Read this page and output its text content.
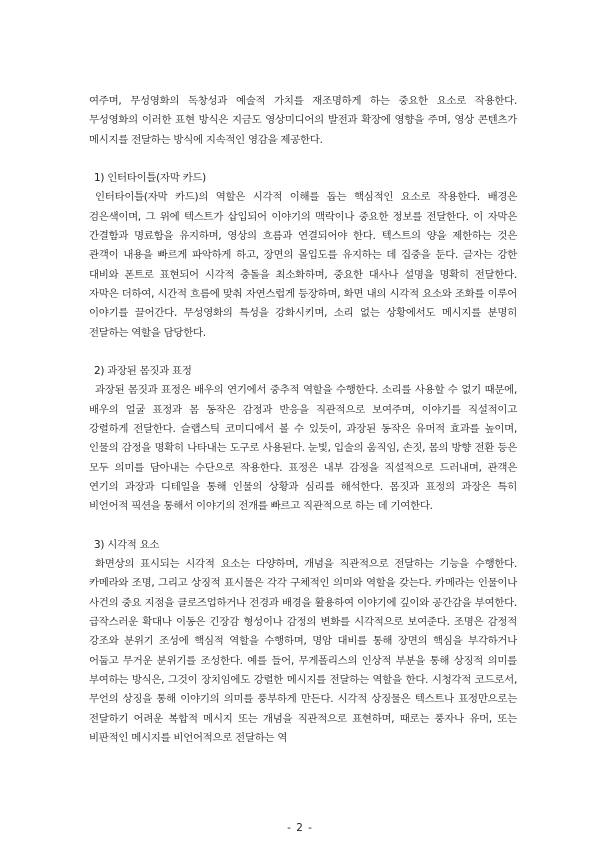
여주며, 무성영화의 독창성과 예술적 가치를 재조명하게 하는 중요한 요소로 작용한다. 무성영화의 이러한 표현 방식은 지금도 영상미디어의 발전과 확장에 영향을 주며, 영상 콘텐츠가 메시지를 전달하는 방식에 지속적인 영감을 제공한다.

1) 인터타이틀(자막 카드)

인터타이틀(자막 카드)의 역할은 시각적 이해를 돕는 핵심적인 요소로 작용한다. 배경은 검은색이며, 그 위에 텍스트가 삽입되어 이야기의 맥락이나 중요한 정보를 전달한다. 이 자막은 간결함과 명료함을 유지하며, 영상의 흐름과 연결되어야 한다. 텍스트의 양을 제한하는 것은 관객이 내용을 빠르게 파악하게 하고, 장면의 몰입도를 유지하는 데 집중을 둔다. 글자는 강한 대비와 폰트로 표현되어 시각적 충돌을 최소화하며, 중요한 대사나 설명을 명확히 전달한다. 자막은 더하여, 시간적 흐름에 맞춰 자연스럽게 등장하며, 화면 내의 시각적 요소와 조화를 이루어 이야기를 끌어간다. 무성영화의 특성을 강화시키며, 소리 없는 상황에서도 메시지를 분명히 전달하는 역할을 담당한다.

2) 과장된 몸짓과 표정

과장된 몸짓과 표정은 배우의 연기에서 중추적 역할을 수행한다. 소리를 사용할 수 없기 때문에, 배우의 얼굴 표정과 몸 동작은 감정과 반응을 직관적으로 보여주며, 이야기를 직설적이고 강렬하게 전달한다. 슬랩스틱 코미디에서 볼 수 있듯이, 과장된 동작은 유머적 효과를 높이며, 인물의 감정을 명확히 나타내는 도구로 사용된다. 눈빛, 입술의 움직임, 손짓, 몸의 방향 전환 등은 모두 의미를 담아내는 수단으로 작용한다. 표정은 내부 감정을 직설적으로 드러내며, 관객은 연기의 과장과 디테일을 통해 인물의 상황과 심리를 해석한다. 몸짓과 표정의 과장은 특히 비언어적 픽션을 통해서 이야기의 전개를 빠르고 직관적으로 하는 데 기여한다.

3) 시각적 요소

화면상의 표시되는 시각적 요소는 다양하며, 개념을 직관적으로 전달하는 기능을 수행한다. 카메라와 조명, 그리고 상징적 표시물은 각각 구체적인 의미와 역할을 갖는다. 카메라는 인물이나 사건의 중요 지점을 클로즈업하거나 전경과 배경을 활용하여 이야기에 깊이와 공간감을 부여한다. 급작스러운 확대나 이동은 긴장감 형성이나 감정의 변화를 시각적으로 보여준다. 조명은 감정적 강조와 분위기 조성에 핵심적 역할을 수행하며, 명암 대비를 통해 장면의 핵심을 부각하거나 어둡고 무거운 분위기를 조성한다. 예를 들어, 무게폴리스의 인상적 부분을 통해 상징적 의미를 부여하는 방식은, 그것이 장치임에도 강렬한 메시지를 전달하는 역할을 한다. 시청각적 코드로서, 무언의 상징을 통해 이야기의 의미를 풍부하게 만든다. 시각적 상징물은 텍스트나 표정만으로는 전달하기 어려운 복합적 메시지 또는 개념을 직관적으로 표현하며, 때로는 풍자나 유머, 또는 비판적인 메시지를 비언어적으로 전달하는 역

- 2 -
